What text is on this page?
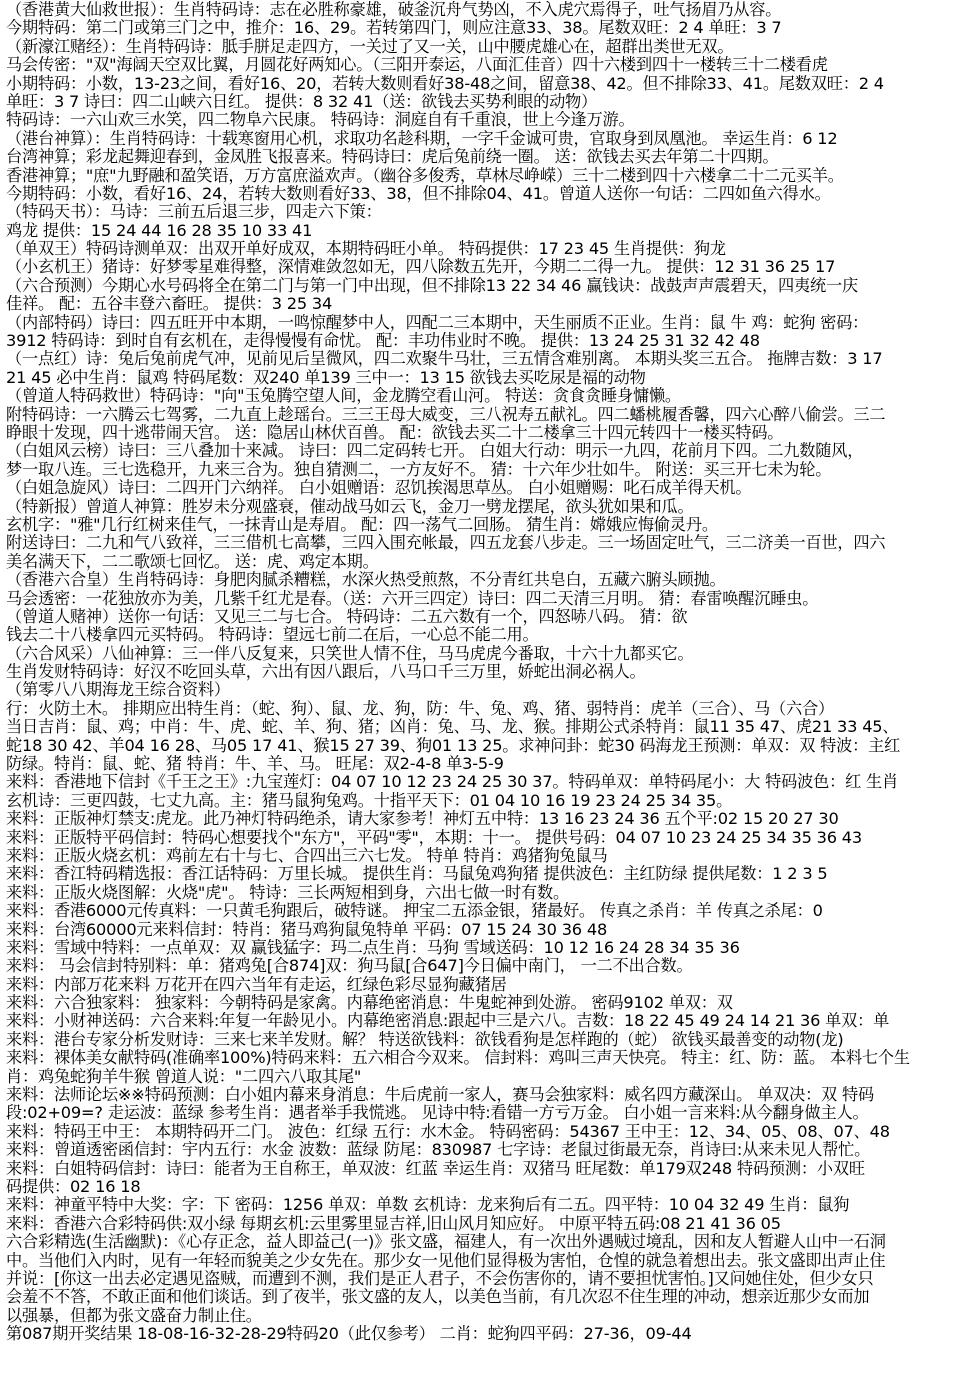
（香港黄大仙救世报）：生肖特码诗：志在必胜称豪雄，破釜沉舟气势凶，不入虎穴焉得子，吐气扬眉乃从容。
今期特码：第二门或第三门之中，推介：16、29。若转第四门，则应注意33、38。尾数双旺：2 4 单旺：3 7
（新濠江赌经）：生肖特码诗：胝手胼足走四方，一关过了又一关，山中腰虎雄心在，超群出类世无双。
马会传密："双"海阔天空双比翼，月圆花好两知心。（三阳开泰运，八面汇佳音）四十六楼到四十一楼转三十二楼看虎
小期特码：小数，13-23之间，看好16、20，若转大数则看好38-48之间，留意38、42。但不排除33、41。尾数双旺：2 4
单旺：3 7 诗曰：四二山峡六日红。 提供：8 32 41（送：欲钱去买势利眼的动物）
特码诗：一六山欢三水笑，四二物阜六民康。 特码诗：洞庭自有千重浪，世上今逢万游。
（港台神算）：生肖特码诗：十载寒窗用心机，求取功名趁科期，一字千金诚可贵，官取身到凤凰池。 幸运生肖：6 12
台湾神算；彩龙起舞迎春到，金凤胜飞报喜来。特码诗曰：虎后兔前绕一圈。 送：欲钱去买去年第二十四期。
香港神算；"庶"九野融和盈笑语，万方富庶溢欢声。（幽谷多俊秀，草林尽峥嵘）三十二楼到四十六楼拿二十二元买羊。
今期特码：小数，看好16、24，若转大数则看好33、38，但不排除04、41。曾道人送你一句话：二四如鱼六得水。
（特码天书）：马诗：三前五后退三步，四走六下策：
鸡龙 提供：15 24 44 16 28 35 10 33 41
（单双王）特码诗测单双：出双开单好成双，本期特码旺小单。 特码提供：17 23 45 生肖提供：狗龙
（小玄机王）猪诗：好梦零星难得整，深情难敛忽如无，四八除数五先开，今期二二得一九。 提供：12 31 36 25 17
（六合预测）今期心水号码将全在第二门与第一门中出现，但不排除13 22 34 46 赢钱诀：战鼓声声震碧天，四夷统一庆
佳祥。 配：五谷丰登六畜旺。 提供：3 25 34
（内部特码）诗曰：四五旺开中本期，一鸣惊醒梦中人，四配二三本期中，天生丽质不正业。生肖：鼠 牛 鸡：蛇狗 密码：
3912 特码诗：到时自有玄机在，走得慢慢有命忧。 配：丰功伟业时不晚。 提供：13 24 25 31 32 42 48
（一点红）诗：兔后兔前虎气冲，见前见后呈微风，四二欢聚牛马壮，三五情含难别离。 本期头奖三五合。 拖牌吉数：3 17
21 45 必中生肖：鼠鸡 特码尾数：双240 单139 三中一：13 15 欲钱去买吃尿是福的动物
（曾道人特码救世）特码诗："向"玉兔腾空望人间，金龙腾空看山河。 特送：贪食贪睡身慵懒。
附特码诗：一六腾云七驾雾，二九直上趁瑶台。三三王母大威变，三八祝寿五献礼。四二蟠桃履香馨，四六心醉八偷尝。三二
睁眼十发现，四十逃带闹天宫。 送：隐居山林伏百兽。 配：欲钱去买二十二楼拿三十四元转四十一楼买特码。
（白姐风云榜）诗曰：三八叠加十来减。 诗曰：四二定码转七开。 白姐大行动：明示一九四，花前月下四。二九数随风，
梦一取八连。三七选稳开，九来三合为。独自猜测二，一方友好不。 猜：十六年少壮如牛。 附送：买三开七未为轮。
（白姐急旋风）诗曰：二四开门六纳祥。 白小姐赠语：忍饥挨渴思草丛。 白小姐赠赐：叱石成羊得天机。
（特新报）曾道人神算：胜岁未分观盛衰，催动战马如云飞，金刀一劈龙摆尾，欲头犹如果和瓜。
玄机字："雅"几行红树来佳气，一抹青山是寿眉。 配：四一荡气二回肠。 猜生肖：嫦娥应悔偷灵丹。
附送诗曰：二九和气八致祥，三三借机七高攀，三四入围充帐最，四五龙套八步走。三一场固定吐气，三二济美一百世，四六
美名满天下，二二歌颂七回忆。 送：虎、鸡定本期。
（香港六合皇）生肖特码诗：身肥肉腻杀糟糕，水深火热受煎熬，不分青红共皂白，五藏六腑头顾抛。
马会透密：一花独放亦为美，几紫千红尤是春。（送：六开三四定）诗曰：四二天清三月明。 猜：春雷唤醒沉睡虫。
（曾道人赌神）送你一句话：又见三二与七合。 特码诗：二五六数有一个，四怒哧八码。 猜：欲
钱去二十八楼拿四元买特码。 特码诗：望远七前二在后，一心总不能二用。
（六合风采）八仙神算：三一伴八反复来，只笑世人情不住，马马虎虎今番取，十六十九都买它。
生肖发财特码诗：好汉不吃回头草，六出有因八跟后，八马口千三万里，娇蛇出洞必祸人。
（第零八八期海龙王综合资料）
行：火防土木。 排期应出特生肖：（蛇、狗）、鼠、龙、狗，防：牛、兔、鸡、猪、弱特肖：虎羊（三合）、马（六合）
当日吉肖：鼠、鸡；中肖：牛、虎、蛇、羊、狗、猪；凶肖：兔、马、龙、猴。排期公式杀特肖：鼠11 35 47、虎21 33 45、
蛇18 30 42、羊04 16 28、马05 17 41、猴15 27 39、狗01 13 25。求神问卦：蛇30 码海龙王预测：单双：双 特波：主红
防绿。特肖：鼠、蛇、猪 特肖：牛、羊、马。 旺尾：双2-4-8 单3-5-9
来料：香港地下信封《千王之王》:九宝莲灯：04 07 10 12 23 24 25 30 37。特码单双：单特码尾小：大 特码波色：红 生肖
玄机诗：三更四鼓，七丈九高。主：猪马鼠狗兔鸡。十指平天下：01 04 10 16 19 23 24 25 34 35。
来料：正版神灯禁支:虎龙。此乃神灯特码绝杀，请大家参考！神灯五中特：13 16 23 24 36 五个平:02 15 20 27 30
来料：正版特平码信封：特码心想要找个"东方"，平码"零"，本期：十一。 提供号码：04 07 10 23 24 25 34 35 36 43
来料：正版火烧玄机：鸡前左右十与七、合四出三六七发。 特单 特肖：鸡猪狗兔鼠马
来料：香江特码精选报：香江话特码：万里长城。 提供生肖：马鼠兔鸡狗猪 提供波色：主红防绿 提供尾数：1 2 3 5
来料：正版火烧图解：火烧"虎"。 特诗：三长两短相到身，六出七做一时有数。
来料：香港6000元传真料：一只黄毛狗跟后，破特谜。 押宝二五添金银，猪最好。 传真之杀肖：羊 传真之杀尾：0
来料：台湾60000元来料信封：特肖：猪马鸡狗鼠兔特单 平码：07 15 24 30 36 48
来料：雪域中特料：一点单双：双 赢钱猛字：玛二点生肖：马狗 雪域送码：10 12 16 24 28 34 35 36
来料： 马会信封特别料：单：猪鸡兔[合874]双：狗马鼠[合647]今日偏中南门， 一二不出合数。
来料：内部万花来料 万花开在四六当年有走运，红绿色彩尽显狗藏猪居
来料：六合独家料： 独家料：今朝特码是家禽。内幕绝密消息：牛鬼蛇神到处游。 密码9102 单双：双
来料：小财神送码：六合来料:年复一年龄见小。内幕绝密消息:跟起中三是六八。吉数：18 22 45 49 24 14 21 36 单双：单
来料：港台专家分析发财诗：三来七来羊发财。解？ 特送欲钱料：欲钱看狗是怎样跑的（蛇） 欲钱买最善变的动物(龙)
来料：裸体美女献特码(准确率100%)特码来料：五六相合今双来。 信封料：鸡叫三声天快亮。 特主：红、防：蓝。 本料七个生
肖：鸡兔蛇狗羊牛猴 曾道人说："二四六八取其尾"
来料：法师论坛※※特码预测：白小姐内幕来身消息：牛后虎前一家人，赛马会独家料：威名四方藏深山。 单双决：双 特码
段:02+09=? 走运波：蓝绿 参考生肖：遇者举手我慌逃。 见诗中特:看错一方亏万金。 白小姐一言来料:从今翻身做主人。
来料：特码王中王： 本期特码开二门。 波色：红绿 五行：水木金。 特码密码：54367 王中王：12、34、05、08、07、48
来料：曾道透密函信封：宇内五行：水金 波数：蓝绿 防尾：830987 七字诗：老鼠过街最无奈，肖诗曰:从来未见人帮忙。
来料：白姐特码信封：诗曰：能者为王自称王，单双波：红蓝 幸运生肖：双猪马 旺尾数：单179双248 特码预测：小双旺
码提供：02 16 18
来料：神童平特中大奖：字：下 密码：1256 单双：单数 玄机诗：龙来狗后有二五。四平特：10 04 32 49 生肖：鼠狗
来料：香港六合彩特码供:双小绿 每期玄机:云里雾里显吉祥,旧山风月知应好。 中原平特五码:08 21 41 36 05
六合彩精选(生活幽默)：《心存正念，益人即益己(一)》张文盛，福建人，有一次出外遇贼过境乱，因和友人暂避人山中一石洞
中。当他们入内时，见有一年轻而貌美之少女先在。那少女一见他们显得极为害怕，仓惶的就急着想出去。张文盛即出声止住
并说：[你这一出去必定遇见盗贼，而遭到不测，我们是正人君子，不会伤害你的，请不要担忧害怕。]又问她住处，但少女只
会羞不不答，不敢正面和他们谈话。到了夜半，张文盛的友人，以美色当前，有几次忍不住生理的冲动，想亲近那少女而加
以强暴，但都为张文盛奋力制止住。
第087期开奖结果 18-08-16-32-28-29特码20（此仅参考） 二肖：蛇狗四平码：27-36，09-44
